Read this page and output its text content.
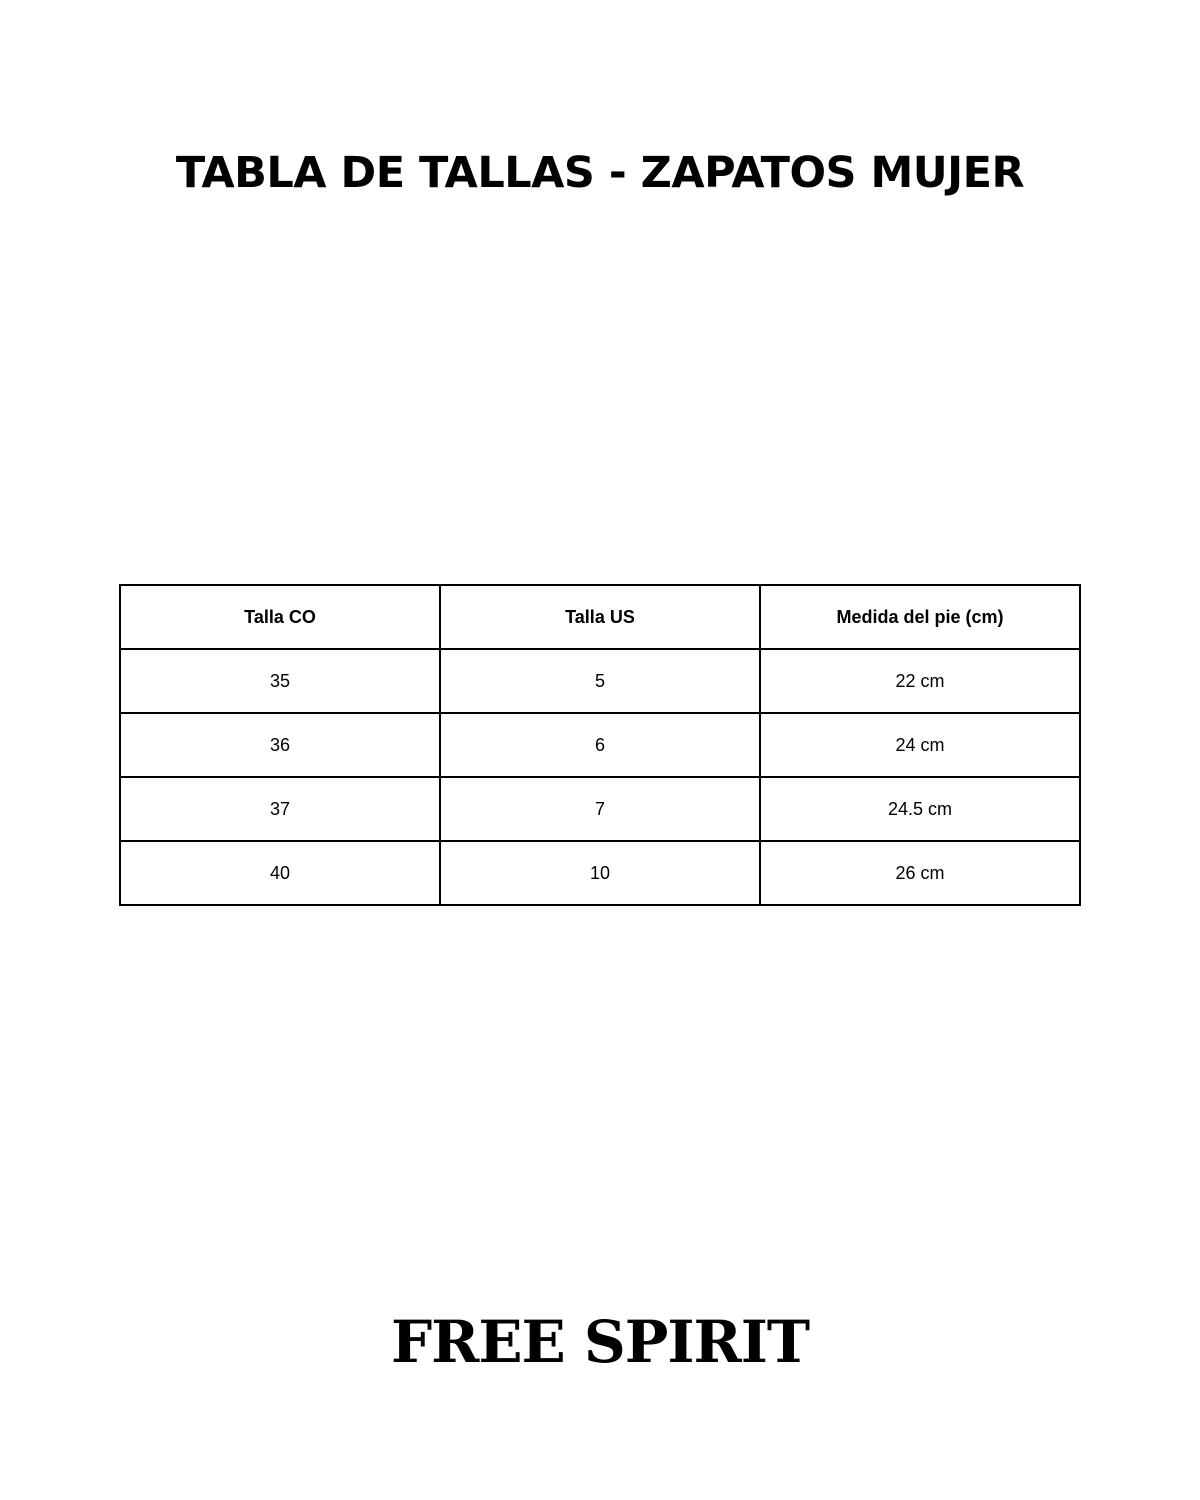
TABLA DE TALLAS - ZAPATOS MUJER
Talla CO	Talla US	Medida del pie (cm)
35	5	22 cm
36	6	24 cm
37	7	24.5 cm
40	10	26 cm
FREE SPIRIT
